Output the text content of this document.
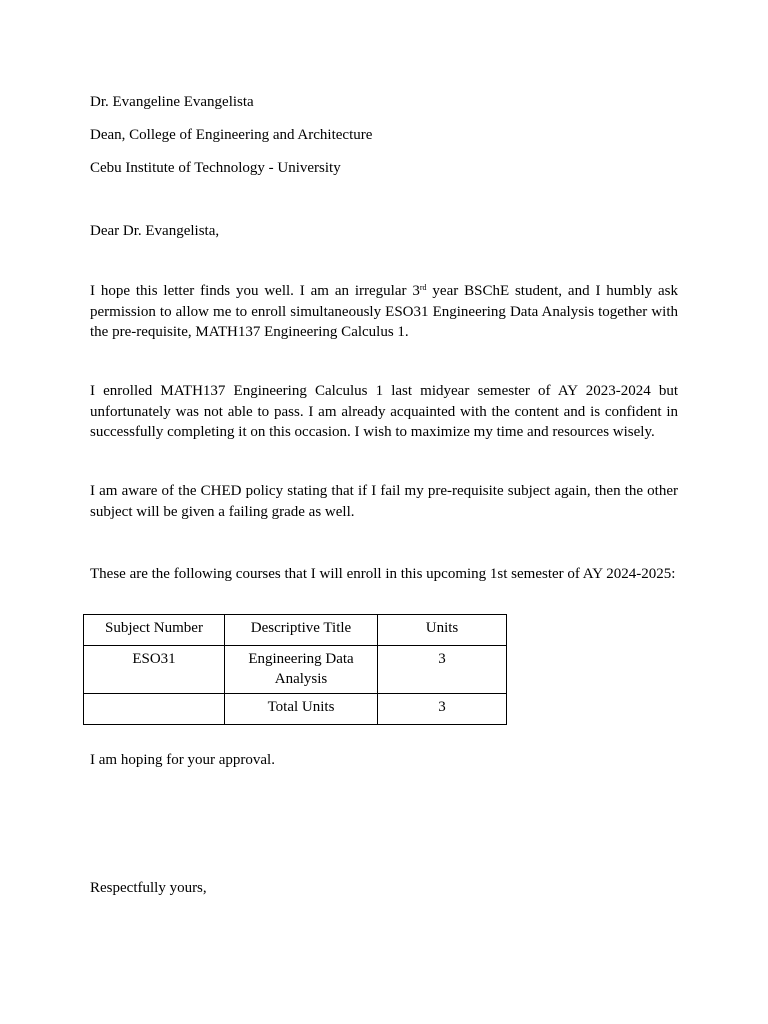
Dr. Evangeline Evangelista
Dean, College of Engineering and Architecture
Cebu Institute of Technology - University
Dear Dr. Evangelista,
I hope this letter finds you well. I am an irregular 3rd year BSChE student, and I humbly ask permission to allow me to enroll simultaneously ESO31 Engineering Data Analysis together with the pre-requisite, MATH137 Engineering Calculus 1.
I enrolled MATH137 Engineering Calculus 1 last midyear semester of AY 2023-2024 but unfortunately was not able to pass. I am already acquainted with the content and is confident in successfully completing it on this occasion. I wish to maximize my time and resources wisely.
I am aware of the CHED policy stating that if I fail my pre-requisite subject again, then the other subject will be given a failing grade as well.
These are the following courses that I will enroll in this upcoming 1st semester of AY 2024-2025:
Subject Number	Descriptive Title	Units
ESO31	Engineering Data Analysis	3
	Total Units	3
I am hoping for your approval.
Respectfully yours,
